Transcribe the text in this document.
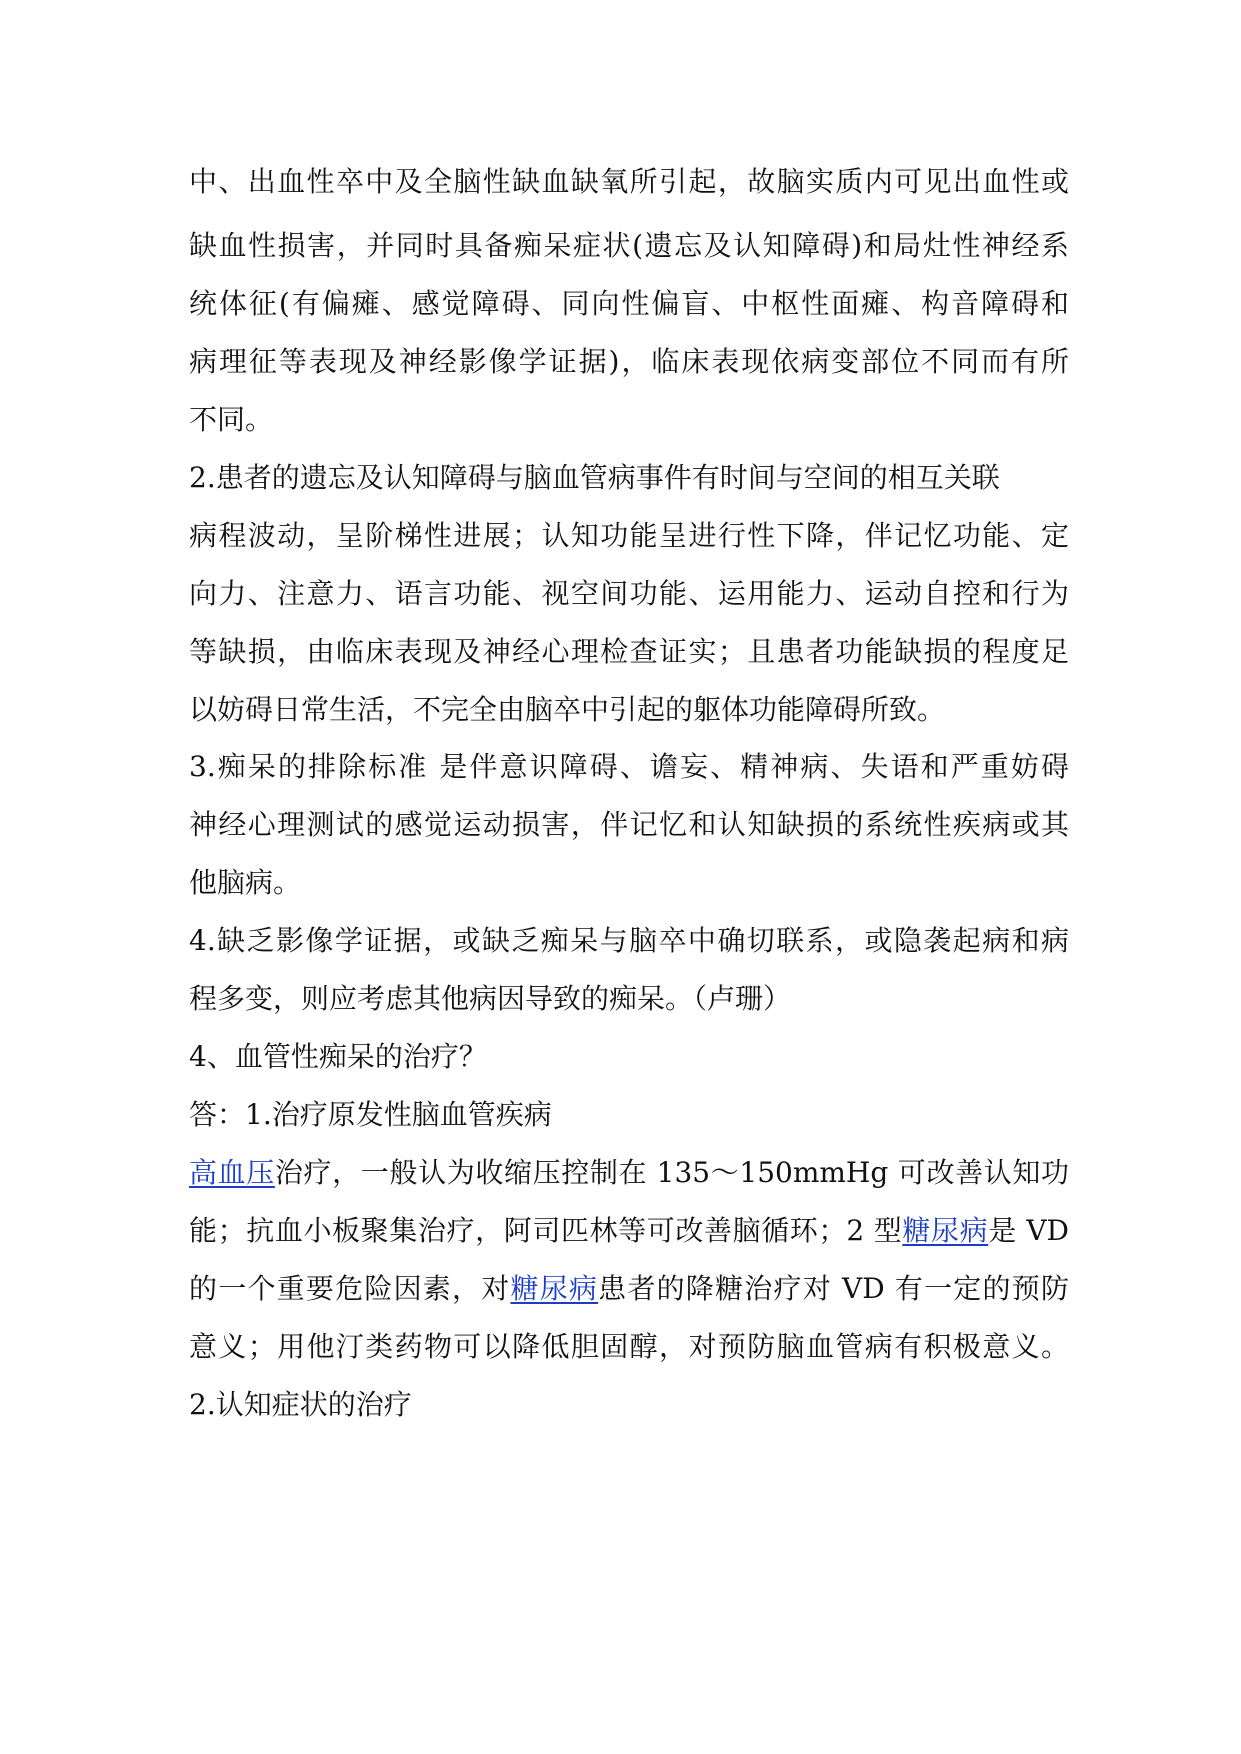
中、出血性卒中及全脑性缺血缺氧所引起，故脑实质内可见出血性或
缺血性损害，并同时具备痴呆症状(遗忘及认知障碍)和局灶性神经系
统体征(有偏瘫、感觉障碍、同向性偏盲、中枢性面瘫、构音障碍和
病理征等表现及神经影像学证据)，临床表现依病变部位不同而有所
不同。
2.患者的遗忘及认知障碍与脑血管病事件有时间与空间的相互关联
病程波动，呈阶梯性进展；认知功能呈进行性下降，伴记忆功能、定
向力、注意力、语言功能、视空间功能、运用能力、运动自控和行为
等缺损，由临床表现及神经心理检查证实；且患者功能缺损的程度足
以妨碍日常生活，不完全由脑卒中引起的躯体功能障碍所致。
3.痴呆的排除标准 是伴意识障碍、谵妄、精神病、失语和严重妨碍
神经心理测试的感觉运动损害，伴记忆和认知缺损的系统性疾病或其
他脑病。
4.缺乏影像学证据，或缺乏痴呆与脑卒中确切联系，或隐袭起病和病
程多变，则应考虑其他病因导致的痴呆。（卢珊）
4、血管性痴呆的治疗？
答：1.治疗原发性脑血管疾病
高血压治疗，一般认为收缩压控制在 135～150mmHg 可改善认知功
能；抗血小板聚集治疗，阿司匹林等可改善脑循环；2 型糖尿病是 VD
的一个重要危险因素，对糖尿病患者的降糖治疗对 VD 有一定的预防
意义；用他汀类药物可以降低胆固醇，对预防脑血管病有积极意义。
2.认知症状的治疗
